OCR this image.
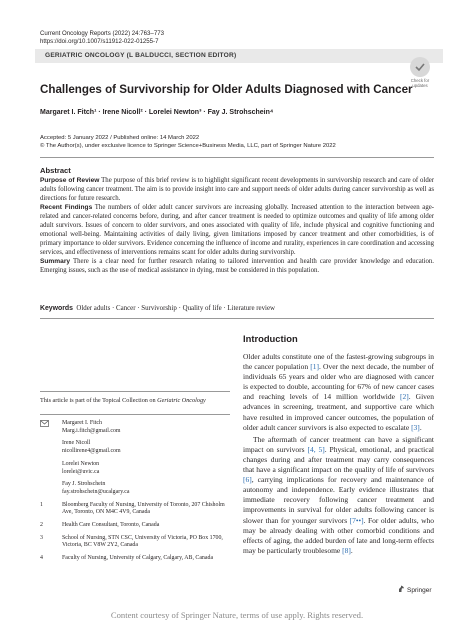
Current Oncology Reports (2022) 24:763–773
https://doi.org/10.1007/s11912-022-01255-7
GERIATRIC ONCOLOGY (L BALDUCCI, SECTION EDITOR)
Check for updates
Challenges of Survivorship for Older Adults Diagnosed with Cancer
Margaret I. Fitch¹ · Irene Nicoll² · Lorelei Newton³ · Fay J. Strohschein⁴
Accepted: 5 January 2022 / Published online: 14 March 2022
© The Author(s), under exclusive licence to Springer Science+Business Media, LLC, part of Springer Nature 2022
Abstract

Purpose of Review The purpose of this brief review is to highlight significant recent developments in survivorship research and care of older adults following cancer treatment. The aim is to provide insight into care and support needs of older adults during cancer survivorship as well as directions for future research.

Recent Findings The numbers of older adult cancer survivors are increasing globally. Increased attention to the interaction between age-related and cancer-related concerns before, during, and after cancer treatment is needed to optimize outcomes and quality of life among older adult survivors. Issues of concern to older survivors, and ones associated with quality of life, include physical and cognitive functioning and emotional well-being. Maintaining activities of daily living, given limitations imposed by cancer treatment and other comorbidities, is of primary importance to older survivors. Evidence concerning the influence of income and rurality, experiences in care coordination and accessing services, and effectiveness of interventions remains scant for older adults during survivorship.

Summary There is a clear need for further research relating to tailored intervention and health care provider knowledge and education. Emerging issues, such as the use of medical assistance in dying, must be considered in this population.

Keywords Older adults · Cancer · Survivorship · Quality of life · Literature review
Introduction

Older adults constitute one of the fastest-growing subgroups in the cancer population [1]. Over the next decade, the number of individuals 65 years and older who are diagnosed with cancer is expected to double, accounting for 67% of new cancer cases and reaching levels of 14 million worldwide [2]. Given advances in screening, treatment, and supportive care which have resulted in improved cancer outcomes, the population of older adult cancer survivors is also expected to escalate [3].

The aftermath of cancer treatment can have a significant impact on survivors [4, 5]. Physical, emotional, and practical changes during and after treatment may carry consequences that have a significant impact on the quality of life of survivors [6], carrying implications for recovery and maintenance of autonomy and independence. Early evidence illustrates that immediate recovery following cancer treatment and improvements in survival for older adults following cancer is slower than for younger survivors [7••]. For older adults, who may be already dealing with other comorbid conditions and effects of aging, the added burden of late and long-term effects may be particularly troublesome [8].

This article is part of the Topical Collection on Geriatric Oncology
Margaret I. Fitch
Marg.i.fitch@gmail.com
Irene Nicoll
nicollirene4@gmail.com
Lorelei Newton
lorelei@uvic.ca
Fay J. Strohschein
fay.strohschein@ucalgary.ca
1	Bloomberg Faculty of Nursing, University of Toronto, 207 Chisholm Ave, Toronto, ON M4C 4V9, Canada
2	Health Care Consultant, Toronto, Canada
3	School of Nursing, STN CSC, University of Victoria, PO Box 1700, Victoria, BC V8W 2Y2, Canada
4	Faculty of Nursing, University of Calgary, Calgary, AB, Canada
Springer
Content courtesy of Springer Nature, terms of use apply. Rights reserved.
